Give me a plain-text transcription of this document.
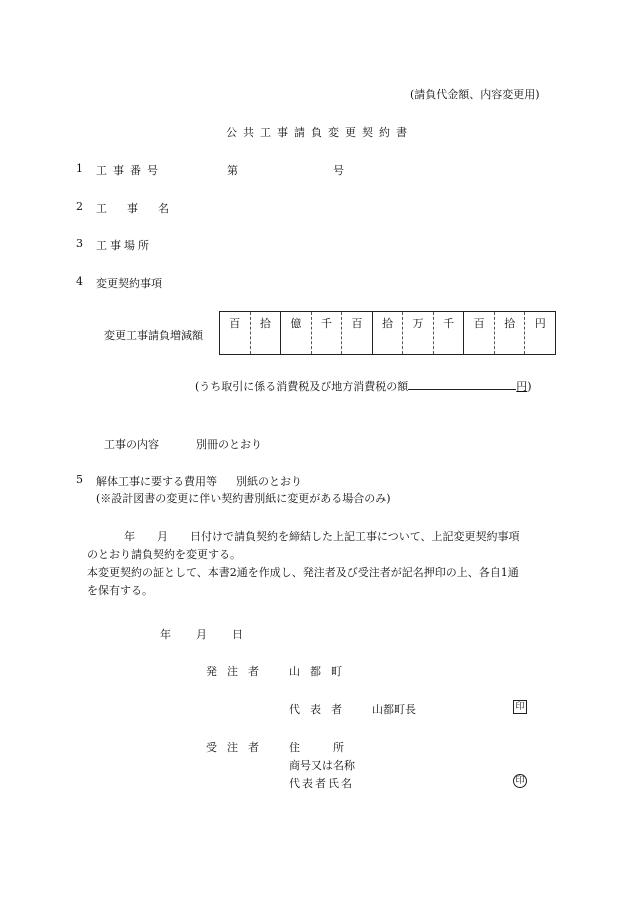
(請負代金額、内容変更用)
公共工事請負変更契約書
1 工事番号	第	号
2 工事名
3 工事場所
4 変更契約事項
変更工事請負増減額
百	拾	億	千	百	拾	万	千	百	拾	円
(うち取引に係る消費税及び地方消費税の額	円)
工事の内容	別冊のとおり
5 解体工事に要する費用等 別紙のとおり
(※設計図書の変更に伴い契約書別紙に変更がある場合のみ)
年　　月　　日付けで請負契約を締結した上記工事について、上記変更契約事項
のとおり請負契約を変更する。
本変更契約の証として、本書2通を作成し、発注者及び受注者が記名押印の上、各自1通
を保有する。
年 月 日
発注者 山都町
代表者 山都町長	印
受注者 住　　　所
商号又は名称
代表者氏名	印
